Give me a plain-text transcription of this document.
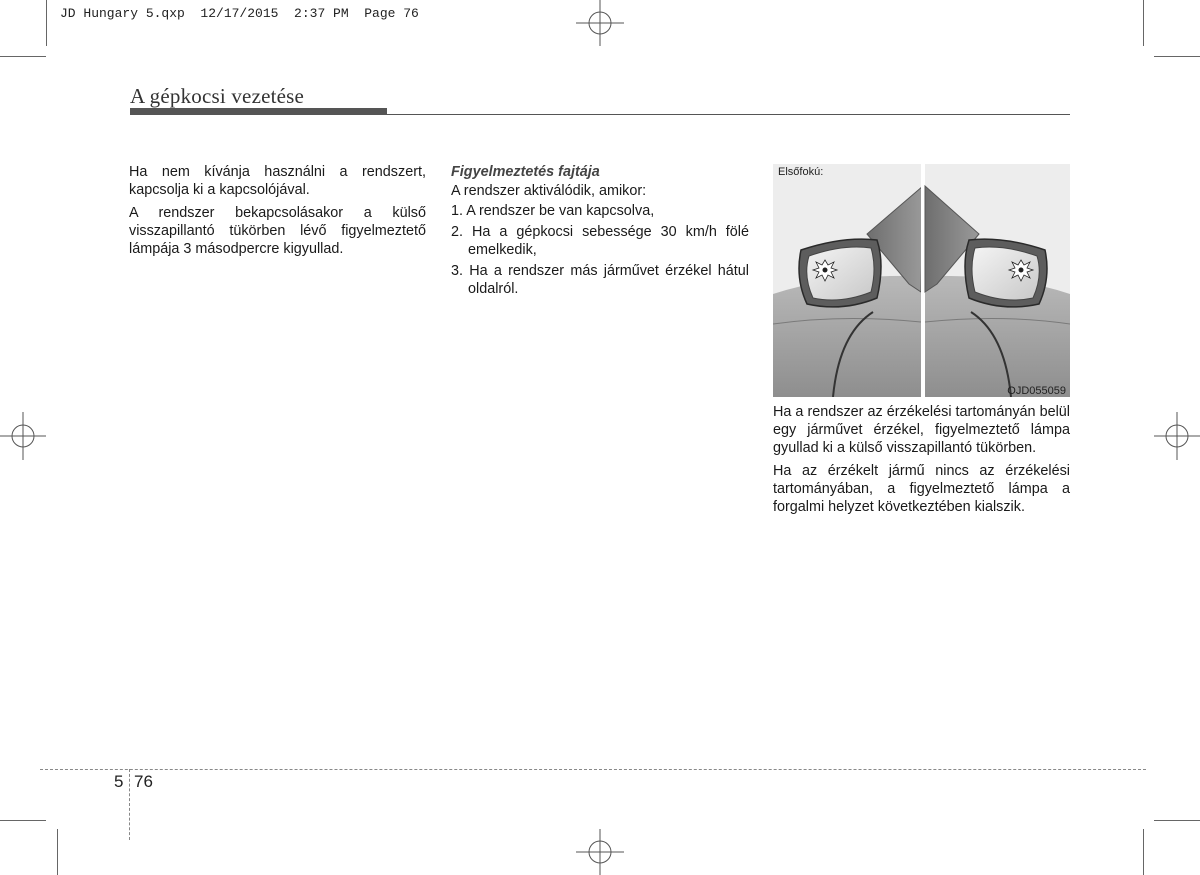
JD Hungary 5.qxp  12/17/2015  2:37 PM  Page 76
A gépkocsi vezetése

Ha nem kívánja használni a rendszert, kapcsolja ki a kapcsolójával.

A rendszer bekapcsolásakor a külső visszapillantó tükörben lévő figyelmeztető lámpája 3 másodpercre kigyullad.

Figyelmeztetés fajtája

A rendszer aktiválódik, amikor:

1. A rendszer be van kapcsolva,
2. Ha a gépkocsi sebessége 30 km/h fölé emelkedik,
3. Ha a rendszer más járművet érzékel hátul oldalról.
Elsőfokú:
OJD055059

Ha a rendszer az érzékelési tartományán belül egy járművet érzékel, figyelmeztető lámpa gyullad ki a külső visszapillantó tükörben.

Ha az érzékelt jármű nincs az érzékelési tartományában, a figyelmeztető lámpa a forgalmi helyzet következtében kialszik.

5 76
